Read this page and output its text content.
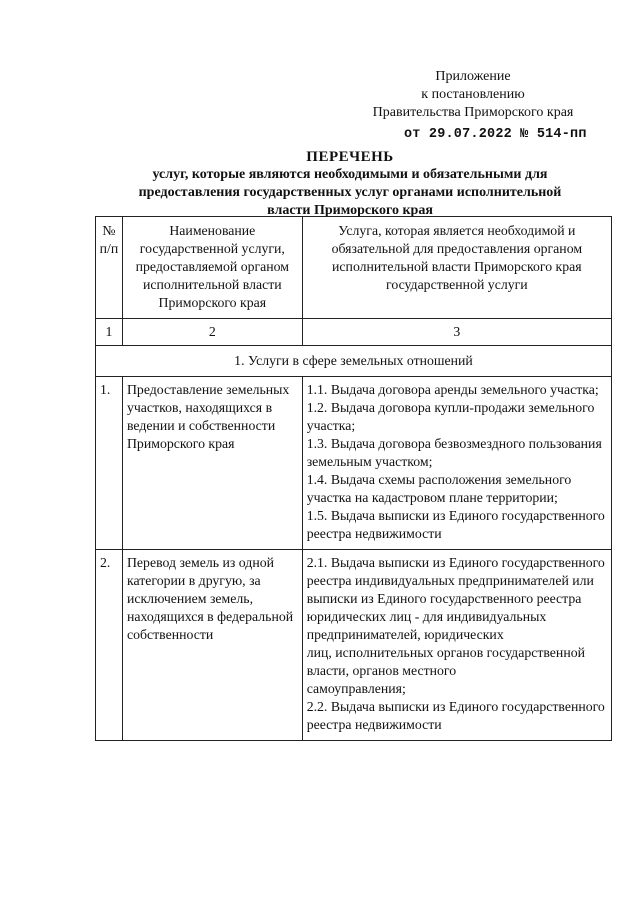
Приложение
к постановлению
Правительства Приморского края
от 29.07.2022 № 514-пп
ПЕРЕЧЕНЬ
услуг, которые являются необходимыми и обязательными для
предоставления государственных услуг органами исполнительной
власти Приморского края
№ п/п	Наименование государственной услуги, предоставляемой органом исполнительной власти Приморского края	Услуга, которая является необходимой и обязательной для предоставления органом исполнительной власти Приморского края государственной услуги
1	2	3
1. Услуги в сфере земельных отношений		
1.	Предоставление земельных участков, находящихся в ведении и собственности Приморского края	1.1. Выдача договора аренды земельного участка;
1.2. Выдача договора купли-продажи земельного участка;
1.3. Выдача договора безвозмездного пользования земельным участком;
1.4. Выдача схемы расположения земельного участка на кадастровом плане территории;
1.5. Выдача выписки из Единого государственного реестра недвижимости

2.	Перевод земель из одной категории в другую, за исключением земель, находящихся в федеральной собственности	2.1. Выдача выписки из Единого государственного реестра индивидуальных предпринимателей или выписки из Единого государственного реестра юридических лиц - для индивидуальных предпринимателей, юридических
лиц, исполнительных органов государственной власти, органов местного
самоуправления;
2.2. Выдача выписки из Единого государственного реестра недвижимости
